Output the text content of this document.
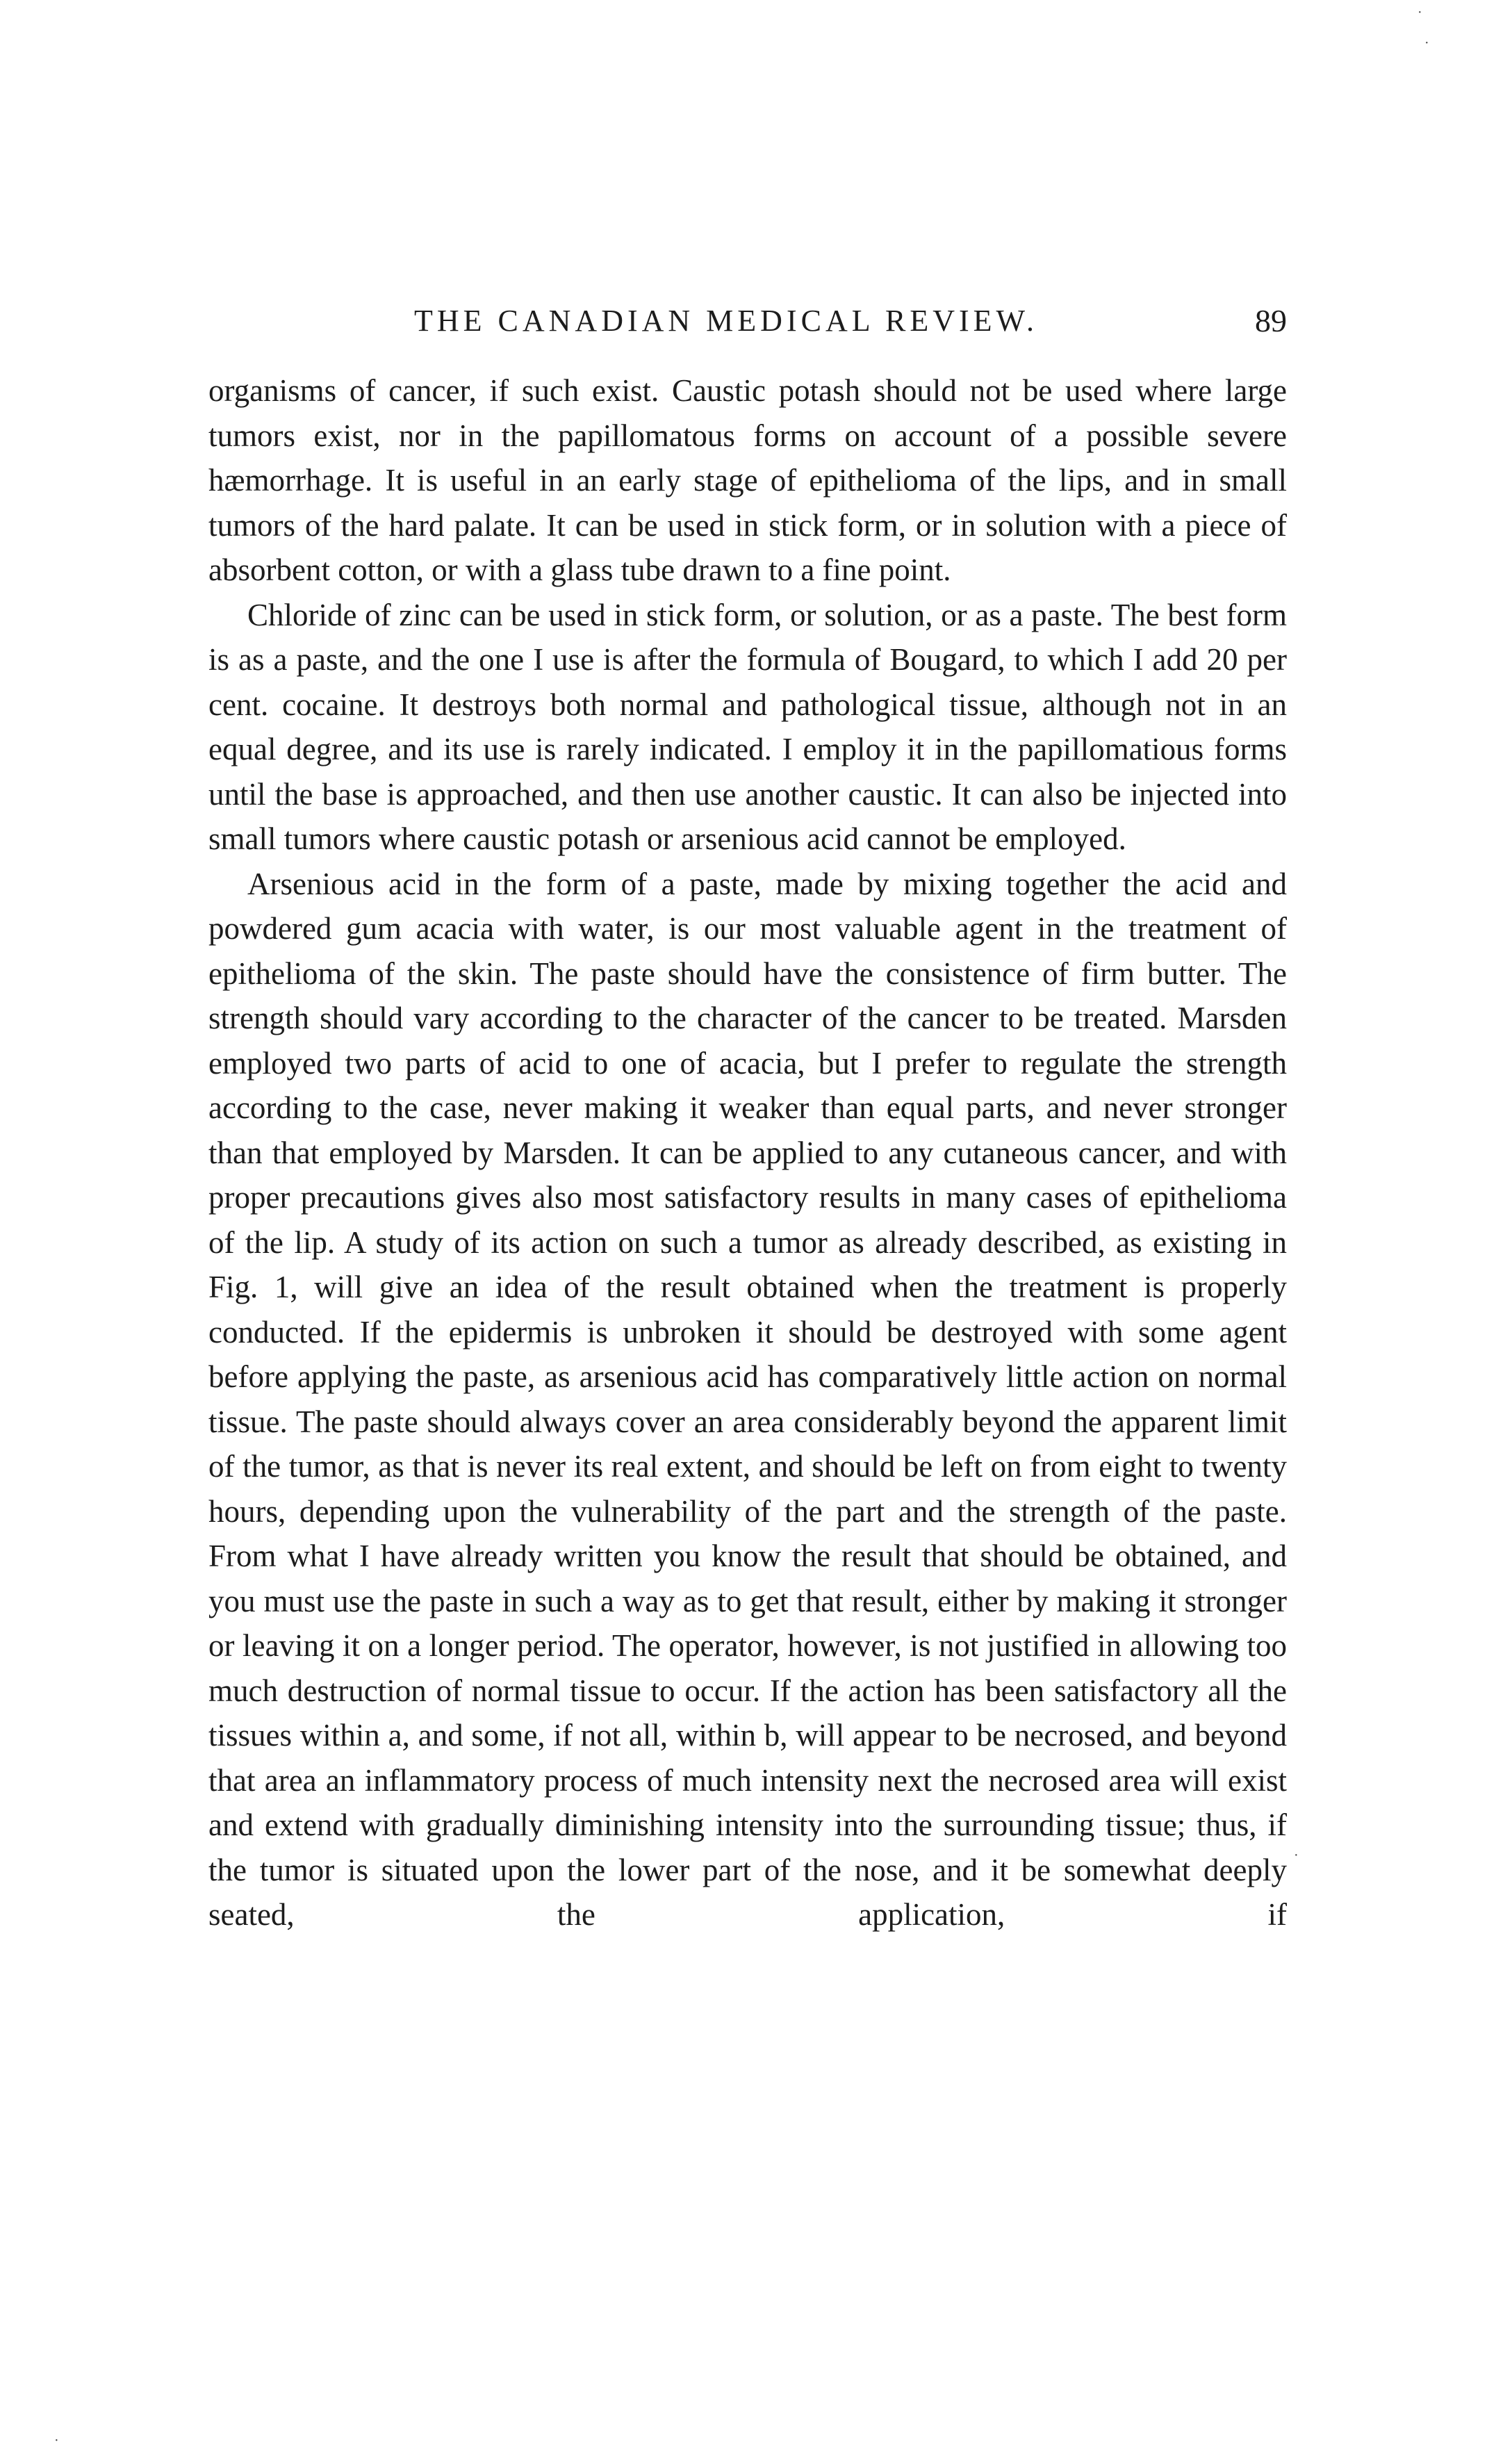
THE CANADIAN MEDICAL REVIEW.	89

organisms of cancer, if such exist. Caustic potash should not be used where large tumors exist, nor in the papillomatous forms on account of a possible severe hæmorrhage. It is useful in an early stage of epithelioma of the lips, and in small tumors of the hard palate. It can be used in stick form, or in solution with a piece of absorbent cotton, or with a glass tube drawn to a fine point.

Chloride of zinc can be used in stick form, or solution, or as a paste. The best form is as a paste, and the one I use is after the formula of Bougard, to which I add 20 per cent. cocaine. It destroys both normal and pathological tissue, although not in an equal degree, and its use is rarely indicated. I employ it in the papillomatious forms until the base is approached, and then use another caustic. It can also be injected into small tumors where caustic potash or arsenious acid cannot be employed.

Arsenious acid in the form of a paste, made by mixing together the acid and powdered gum acacia with water, is our most valuable agent in the treatment of epithelioma of the skin. The paste should have the consistence of firm butter. The strength should vary according to the character of the cancer to be treated. Marsden employed two parts of acid to one of acacia, but I prefer to regulate the strength according to the case, never making it weaker than equal parts, and never stronger than that employed by Marsden. It can be applied to any cutaneous cancer, and with proper precautions gives also most satisfactory results in many cases of epithelioma of the lip. A study of its action on such a tumor as already described, as existing in Fig. 1, will give an idea of the result obtained when the treatment is properly conducted. If the epidermis is unbroken it should be destroyed with some agent before applying the paste, as arsenious acid has comparatively little action on normal tissue. The paste should always cover an area considerably beyond the apparent limit of the tumor, as that is never its real extent, and should be left on from eight to twenty hours, depending upon the vulnerability of the part and the strength of the paste. From what I have already written you know the result that should be obtained, and you must use the paste in such a way as to get that result, either by making it stronger or leaving it on a longer period. The operator, however, is not justified in allowing too much destruction of normal tissue to occur. If the action has been satisfactory all the tissues within a, and some, if not all, within b, will appear to be necrosed, and beyond that area an inflammatory process of much intensity next the necrosed area will exist and extend with gradually diminishing intensity into the surrounding tissue; thus, if the tumor is situated upon the lower part of the nose, and it be somewhat deeply seated, the application, if

·
·
·
·
